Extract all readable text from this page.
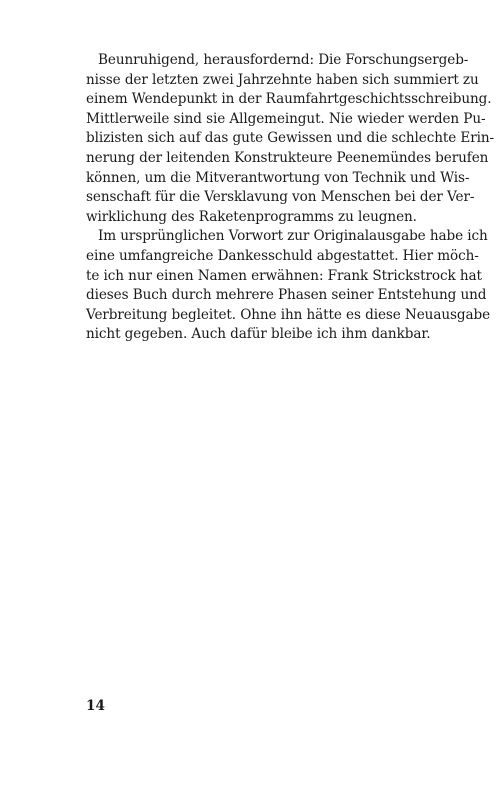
Beunruhigend, herausfordernd: Die Forschungsergeb-
nisse der letzten zwei Jahrzehnte haben sich summiert zu
einem Wendepunkt in der Raumfahrtgeschichtsschreibung.
Mittlerweile sind sie Allgemeingut. Nie wieder werden Pu-
blizisten sich auf das gute Gewissen und die schlechte Erin-
nerung der leitenden Konstrukteure Peenemündes berufen
können, um die Mitverantwortung von Technik und Wis-
senschaft für die Versklavung von Menschen bei der Ver-
wirklichung des Raketenprogramms zu leugnen.
Im ursprünglichen Vorwort zur Originalausgabe habe ich
eine umfangreiche Dankesschuld abgestattet. Hier möch-
te ich nur einen Namen erwähnen: Frank Strickstrock hat
dieses Buch durch mehrere Phasen seiner Entstehung und
Verbreitung begleitet. Ohne ihn hätte es diese Neuausgabe
nicht gegeben. Auch dafür bleibe ich ihm dankbar.
14
